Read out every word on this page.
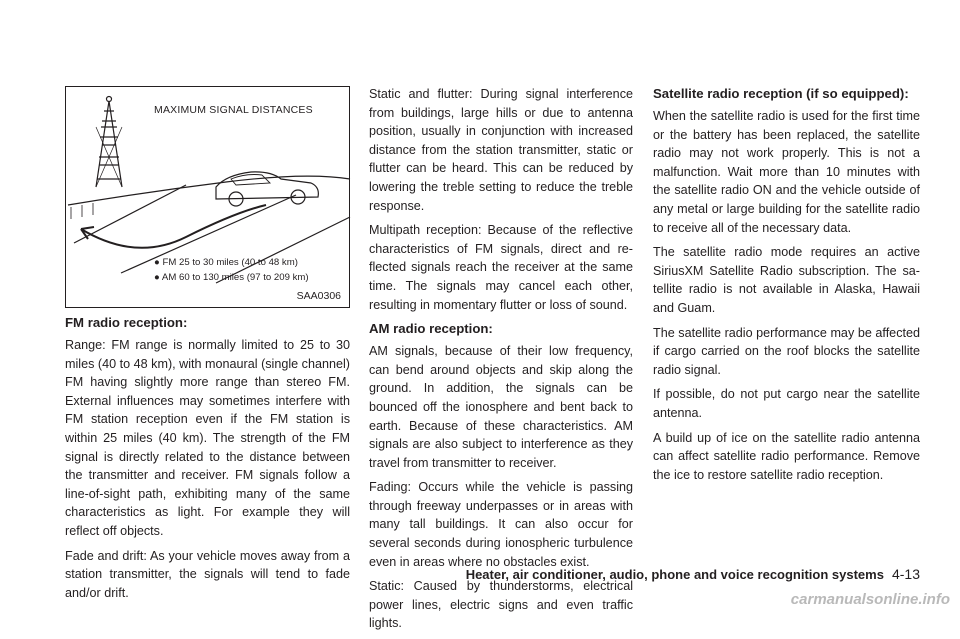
MAXIMUM SIGNAL DISTANCES
● FM 25 to 30 miles (40 to 48 km)
● AM 60 to 130 miles (97 to 209 km)
SAA0306
FM radio reception:

Range: FM range is normally limited to 25 to 30 miles (40 to 48 km), with monaural (single channel) FM having slightly more range than stereo FM. External influences may sometimes interfere with FM station reception even if the FM station is within 25 miles (40 km). The strength of the FM signal is directly related to the distance between the transmitter and receiver. FM signals follow a line-of-sight path, exhibiting many of the same characteristics as light. For example they will reflect off objects.

Fade and drift: As your vehicle moves away from a station transmitter, the signals will tend to fade and/or drift.

Static and flutter: During signal interference from buildings, large hills or due to antenna position, usually in conjunction with increased distance from the station transmitter, static or flutter can be heard. This can be reduced by lowering the treble setting to reduce the treble response.

Multipath reception: Because of the reflective characteristics of FM signals, direct and re-flected signals reach the receiver at the same time. The signals may cancel each other, resulting in momentary flutter or loss of sound.

AM radio reception:

AM signals, because of their low frequency, can bend around objects and skip along the ground. In addition, the signals can be bounced off the ionosphere and bent back to earth. Because of these characteristics. AM signals are also subject to interference as they travel from transmitter to receiver.

Fading: Occurs while the vehicle is passing through freeway underpasses or in areas with many tall buildings. It can also occur for several seconds during ionospheric turbulence even in areas where no obstacles exist.

Static: Caused by thunderstorms, electrical power lines, electric signs and even traffic lights.

Satellite radio reception (if so equipped):

When the satellite radio is used for the first time or the battery has been replaced, the satellite radio may not work properly. This is not a malfunction. Wait more than 10 minutes with the satellite radio ON and the vehicle outside of any metal or large building for the satellite radio to receive all of the necessary data.

The satellite radio mode requires an active SiriusXM Satellite Radio subscription. The sa-tellite radio is not available in Alaska, Hawaii and Guam.

The satellite radio performance may be affected if cargo carried on the roof blocks the satellite radio signal.

If possible, do not put cargo near the satellite antenna.

A build up of ice on the satellite radio antenna can affect satellite radio performance. Remove the ice to restore satellite radio reception.

Heater, air conditioner, audio, phone and voice recognition systems 4-13
carmanualsonline.info
